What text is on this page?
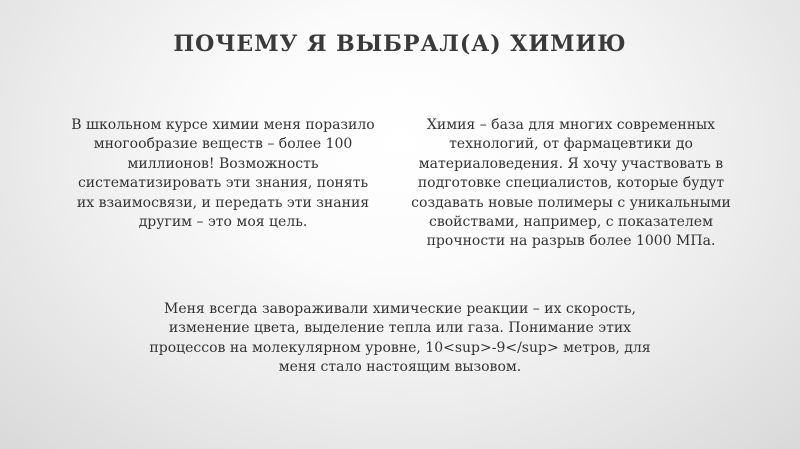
ПОЧЕМУ Я ВЫБРАЛ(А) ХИМИЮ
В школьном курсе химии меня поразило
многообразие веществ – более 100
миллионов! Возможность
систематизировать эти знания, понять
их взаимосвязи, и передать эти знания
другим – это моя цель.
Химия – база для многих современных
технологий, от фармацевтики до
материаловедения. Я хочу участвовать в
подготовке специалистов, которые будут
создавать новые полимеры с уникальными
свойствами, например, с показателем
прочности на разрыв более 1000 МПа.
Меня всегда завораживали химические реакции – их скорость,
изменение цвета, выделение тепла или газа. Понимание этих
процессов на молекулярном уровне, 10<sup>-9</sup> метров, для
меня стало настоящим вызовом.
